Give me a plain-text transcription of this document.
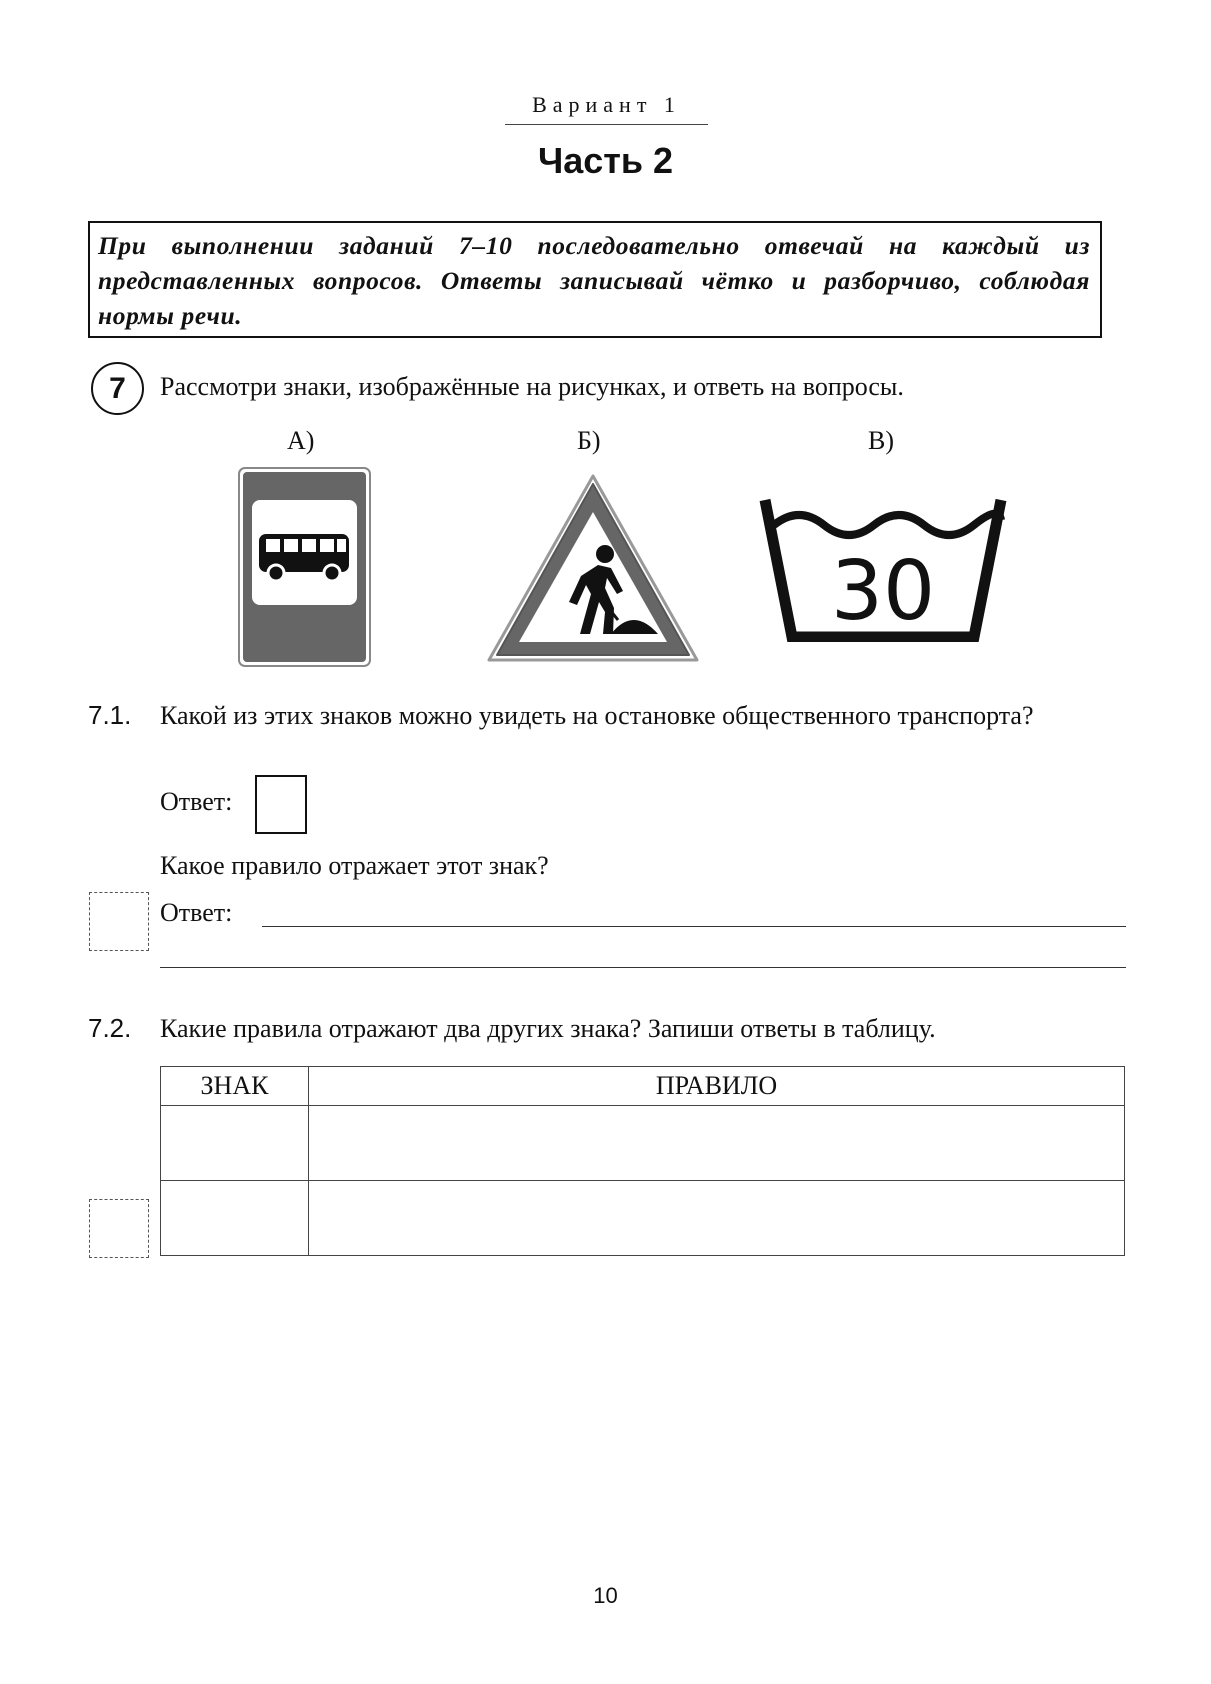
Вариант 1
Часть 2
При выполнении заданий 7–10 последовательно отвечай на каждый из представленных вопросов. Ответы записывай чётко и разборчиво, соблюдая нормы речи.
7	Рассмотри знаки, изображённые на рисунках, и ответь на вопросы.
А)	Б)	В)
30
7.1. Какой из этих знаков можно увидеть на остановке общественного транспорта?
Ответ:
Какое правило отражает этот знак?
Ответ:
7.2. Какие правила отражают два других знака? Запиши ответы в таблицу.
ЗНАК	ПРАВИЛО

10
